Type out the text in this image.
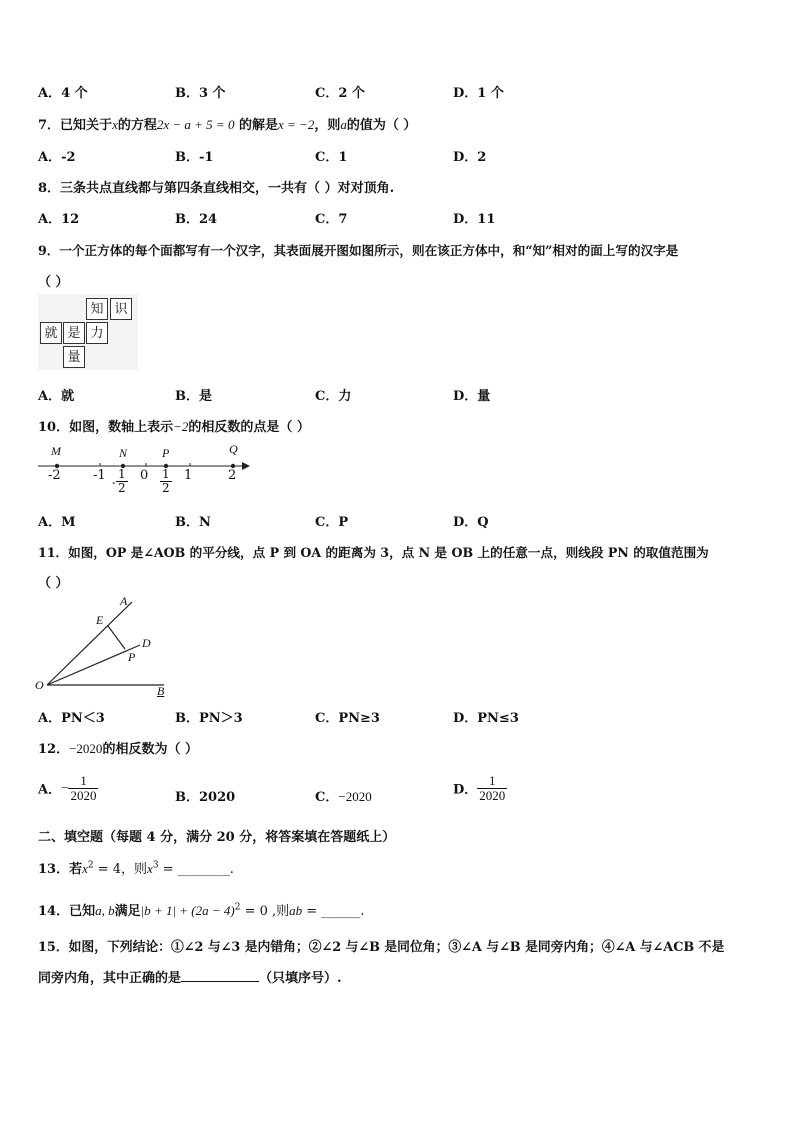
A．4 个	B．3 个	C．2 个	D．1 个
7．已知关于x的方程2x − a + 5 = 0 的解是x = −2，则a的值为（ ）
A．-2	B．-1	C．1	D．2
8．三条共点直线都与第四条直线相交，一共有（ ）对对顶角.
A．12	B．24	C．7	D．11
9．一个正方体的每个面都写有一个汉字，其表面展开图如图所示，则在该正方体中，和“知”相对的面上写的汉字是
（ ）
知 识
就 是 力
量
A．就	B．是	C．力	D．量
10．如图，数轴上表示−2的相反数的点是（ ）
M	N	P	Q
-2 $-1 - \frac{1}{2} 0 \frac{1}{2} 1$	2
A．M	B．N	C．P	D．Q
11．如图，OP 是∠AOB 的平分线，点 P 到 OA 的距离为 3，点 N 是 OB 上的任意一点，则线段 PN 的取值范围为
（ ）
A
E
D
P
O	B
A．PN＜3	B．PN＞3	C．PN≥3	D．PN≤3
12．−2020的相反数为（ ）
A．− $\frac{1}{2020}$	B．2020	C．−2020	D． $\frac{1}{2020}$
二、填空题（每题 4 分，满分 20 分，将答案填在答题纸上）
13．若$x^2 = 4$，则$x^3$ = ________.
14．已知a, b满足$|b + 1| + (2a - 4)^2 = 0$ ,则ab = ______.
15．如图，下列结论：①∠2 与∠3 是内错角；②∠2 与∠B 是同位角；③∠A 与∠B 是同旁内角；④∠A 与∠ACB 不是
同旁内角，其中正确的是	（只填序号）.
